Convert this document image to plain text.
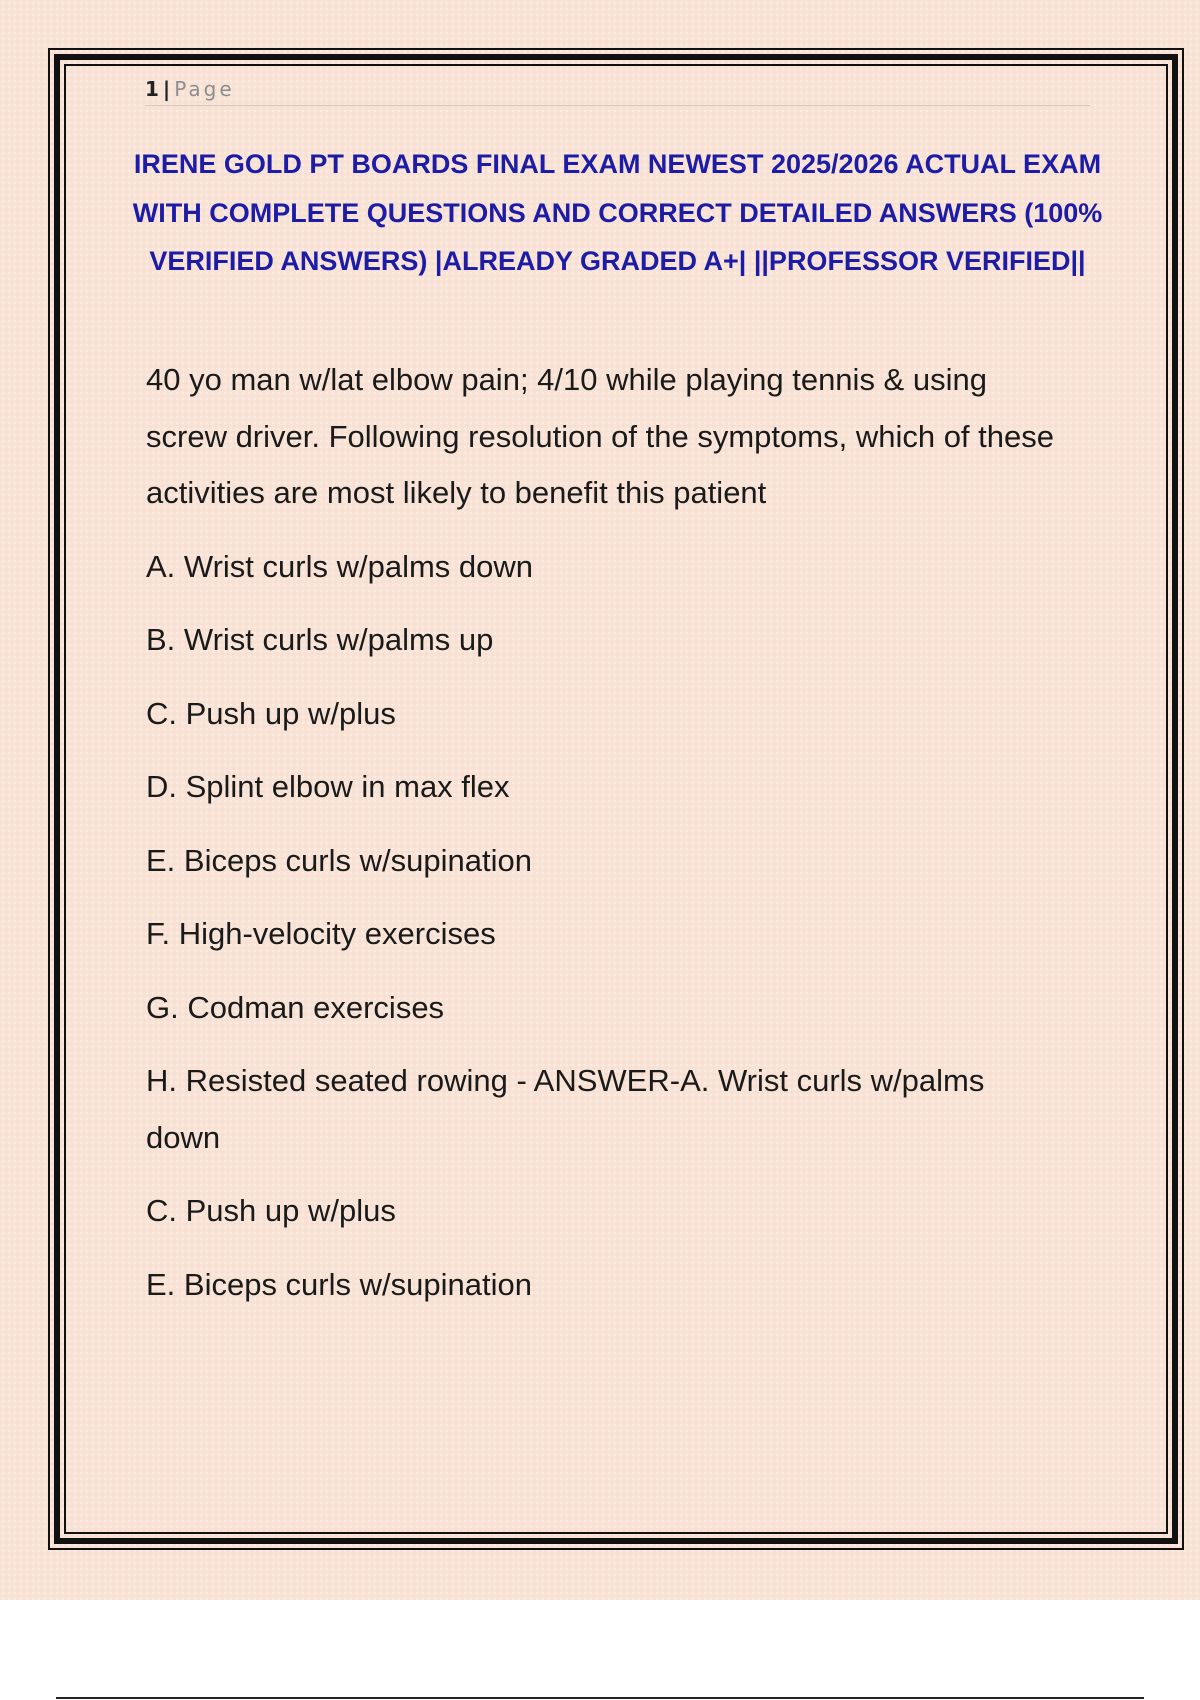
1 | Page
IRENE GOLD PT BOARDS FINAL EXAM NEWEST 2025/2026 ACTUAL EXAM WITH COMPLETE QUESTIONS AND CORRECT DETAILED ANSWERS (100% VERIFIED ANSWERS) |ALREADY GRADED A+| ||PROFESSOR VERIFIED||

40 yo man w/lat elbow pain; 4/10 while playing tennis & using screw driver. Following resolution of the symptoms, which of these activities are most likely to benefit this patient

A. Wrist curls w/palms down
B. Wrist curls w/palms up
C. Push up w/plus
D. Splint elbow in max flex
E. Biceps curls w/supination
F. High-velocity exercises
G. Codman exercises
H. Resisted seated rowing - ANSWER-A. Wrist curls w/palms down
C. Push up w/plus
E. Biceps curls w/supination
